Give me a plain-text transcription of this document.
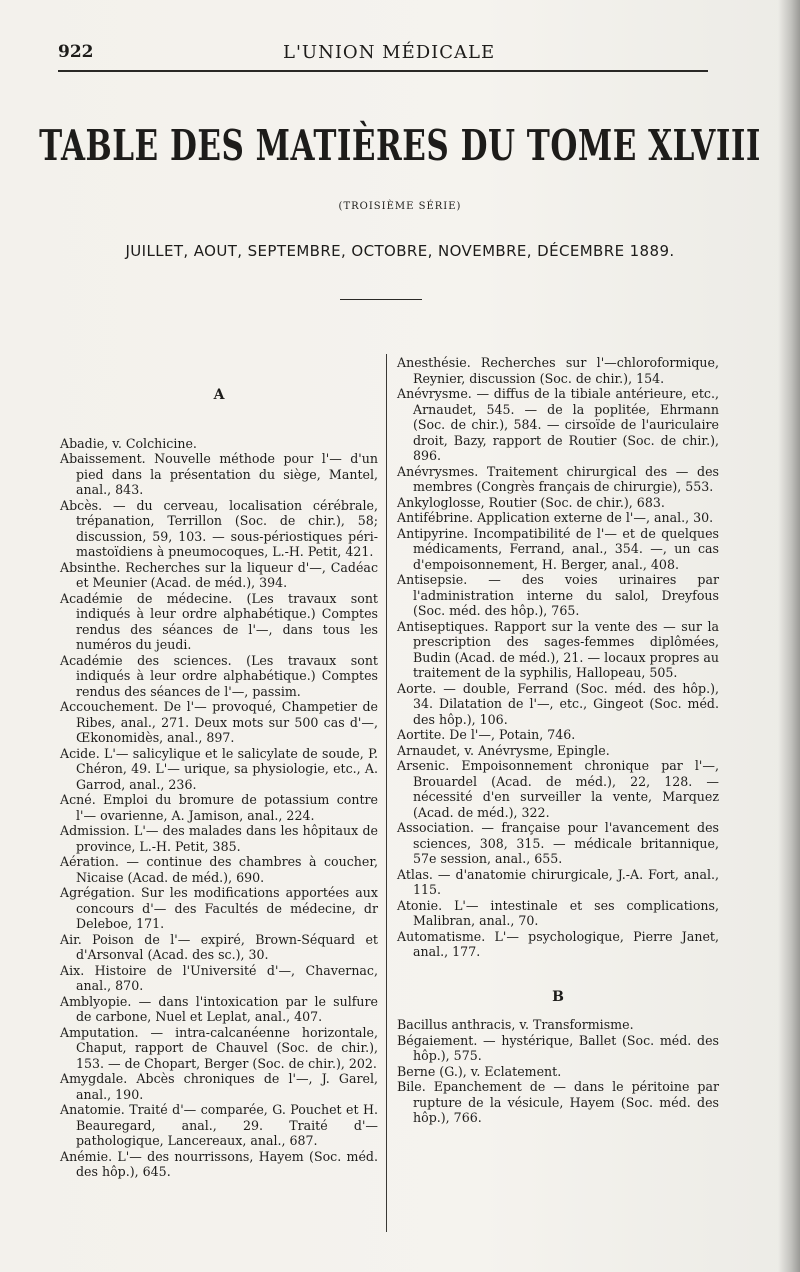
922	L'UNION MÉDICALE
TABLE DES MATIÈRES DU TOME XLVIII
(TROISIÈME SÉRIE)
JUILLET, AOUT, SEPTEMBRE, OCTOBRE, NOVEMBRE, DÉCEMBRE 1889.
A

Abadie, v. Colchicine.

Abaissement. Nouvelle méthode pour l'— d'un pied dans la présentation du siège, Mantel, anal., 843.

Abcès. — du cerveau, localisation cérébrale, trépanation, Terrillon (Soc. de chir.), 58; discussion, 59, 103. — sous-périostiques péri-mastoïdiens à pneumocoques, L.-H. Petit, 421.

Absinthe. Recherches sur la liqueur d'—, Cadéac et Meunier (Acad. de méd.), 394.

Académie de médecine. (Les travaux sont indiqués à leur ordre alphabétique.) Comptes rendus des séances de l'—, dans tous les numéros du jeudi.

Académie des sciences. (Les travaux sont indiqués à leur ordre alphabétique.) Comptes rendus des séances de l'—, passim.

Accouchement. De l'— provoqué, Champetier de Ribes, anal., 271. Deux mots sur 500 cas d'—, Œkonomidès, anal., 897.

Acide. L'— salicylique et le salicylate de soude, P. Chéron, 49. L'— urique, sa physiologie, etc., A. Garrod, anal., 236.

Acné. Emploi du bromure de potassium contre l'— ovarienne, A. Jamison, anal., 224.

Admission. L'— des malades dans les hôpitaux de province, L.-H. Petit, 385.

Aération. — continue des chambres à coucher, Nicaise (Acad. de méd.), 690.

Agrégation. Sur les modifications apportées aux concours d'— des Facultés de médecine, dr Deleboe, 171.

Air. Poison de l'— expiré, Brown-Séquard et d'Arsonval (Acad. des sc.), 30.

Aix. Histoire de l'Université d'—, Chavernac, anal., 870.

Amblyopie. — dans l'intoxication par le sulfure de carbone, Nuel et Leplat, anal., 407.

Amputation. — intra-calcanéenne horizontale, Chaput, rapport de Chauvel (Soc. de chir.), 153. — de Chopart, Berger (Soc. de chir.), 202.

Amygdale. Abcès chroniques de l'—, J. Garel, anal., 190.

Anatomie. Traité d'— comparée, G. Pouchet et H. Beauregard, anal., 29. Traité d'— pathologique, Lancereaux, anal., 687.

Anémie. L'— des nourrissons, Hayem (Soc. méd. des hôp.), 645.

Anesthésie. Recherches sur l'—chloroformique, Reynier, discussion (Soc. de chir.), 154.

Anévrysme. — diffus de la tibiale antérieure, etc., Arnaudet, 545. — de la poplitée, Ehrmann (Soc. de chir.), 584. — cirsoïde de l'auriculaire droit, Bazy, rapport de Routier (Soc. de chir.), 896.

Anévrysmes. Traitement chirurgical des — des membres (Congrès français de chirurgie), 553.

Ankyloglosse, Routier (Soc. de chir.), 683.

Antifébrine. Application externe de l'—, anal., 30.

Antipyrine. Incompatibilité de l'— et de quelques médicaments, Ferrand, anal., 354. —, un cas d'empoisonnement, H. Berger, anal., 408.

Antisepsie. — des voies urinaires par l'administration interne du salol, Dreyfous (Soc. méd. des hôp.), 765.

Antiseptiques. Rapport sur la vente des — sur la prescription des sages-femmes diplômées, Budin (Acad. de méd.), 21. — locaux propres au traitement de la syphilis, Hallopeau, 505.

Aorte. — double, Ferrand (Soc. méd. des hôp.), 34. Dilatation de l'—, etc., Gingeot (Soc. méd. des hôp.), 106.

Aortite. De l'—, Potain, 746.

Arnaudet, v. Anévrysme, Epingle.

Arsenic. Empoisonnement chronique par l'—, Brouardel (Acad. de méd.), 22, 128. — nécessité d'en surveiller la vente, Marquez (Acad. de méd.), 322.

Association. — française pour l'avancement des sciences, 308, 315. — médicale britannique, 57e session, anal., 655.

Atlas. — d'anatomie chirurgicale, J.-A. Fort, anal., 115.

Atonie. L'— intestinale et ses complications, Malibran, anal., 70.

Automatisme. L'— psychologique, Pierre Janet, anal., 177.

B

Bacillus anthracis, v. Transformisme.

Bégaiement. — hystérique, Ballet (Soc. méd. des hôp.), 575.

Berne (G.), v. Eclatement.

Bile. Epanchement de — dans le péritoine par rupture de la vésicule, Hayem (Soc. méd. des hôp.), 766.
